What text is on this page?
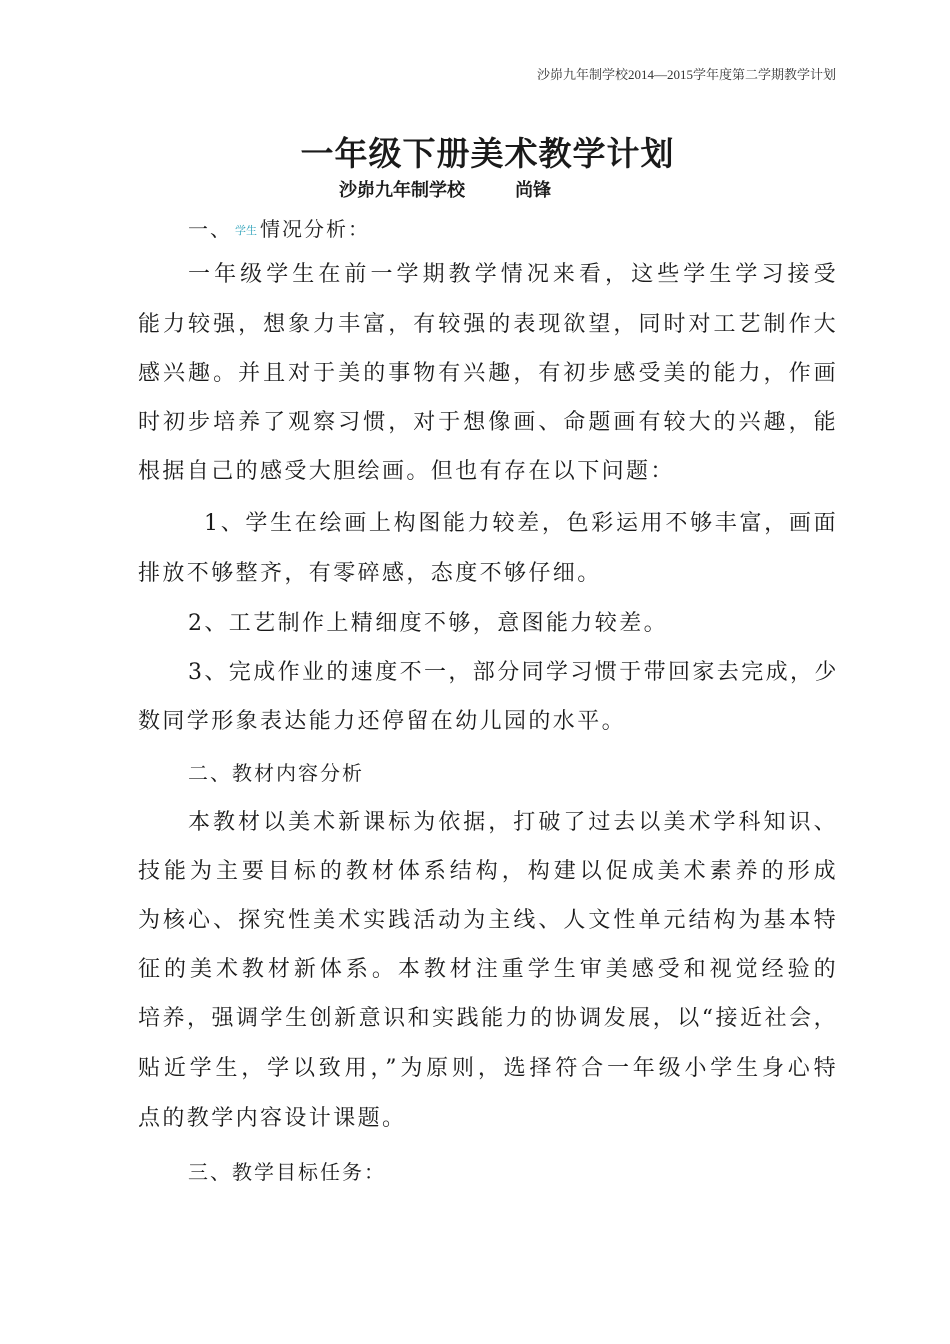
沙峁九年制学校2014—2015学年度第二学期教学计划
一年级下册美术教学计划
沙峁九年制学校	尚锋
一、 学生 情况分析：
一年级学生在前一学期教学情况来看，这些学生学习接受
能力较强，想象力丰富，有较强的表现欲望，同时对工艺制作大
感兴趣。并且对于美的事物有兴趣，有初步感受美的能力，作画
时初步培养了观察习惯，对于想像画、命题画有较大的兴趣，能
根据自己的感受大胆绘画。但也有存在以下问题：
1、学生在绘画上构图能力较差，色彩运用不够丰富，画面
排放不够整齐，有零碎感，态度不够仔细。
2、工艺制作上精细度不够，意图能力较差。
3、完成作业的速度不一，部分同学习惯于带回家去完成，少
数同学形象表达能力还停留在幼儿园的水平。
二、教材内容分析
本教材以美术新课标为依据，打破了过去以美术学科知识、
技能为主要目标的教材体系结构，构建以促成美术素养的形成
为核心、探究性美术实践活动为主线、人文性单元结构为基本特
征的美术教材新体系。本教材注重学生审美感受和视觉经验的
培养，强调学生创新意识和实践能力的协调发展，以“接近社会，
贴近学生，学以致用，”为原则，选择符合一年级小学生身心特
点的教学内容设计课题。
三、教学目标任务：
